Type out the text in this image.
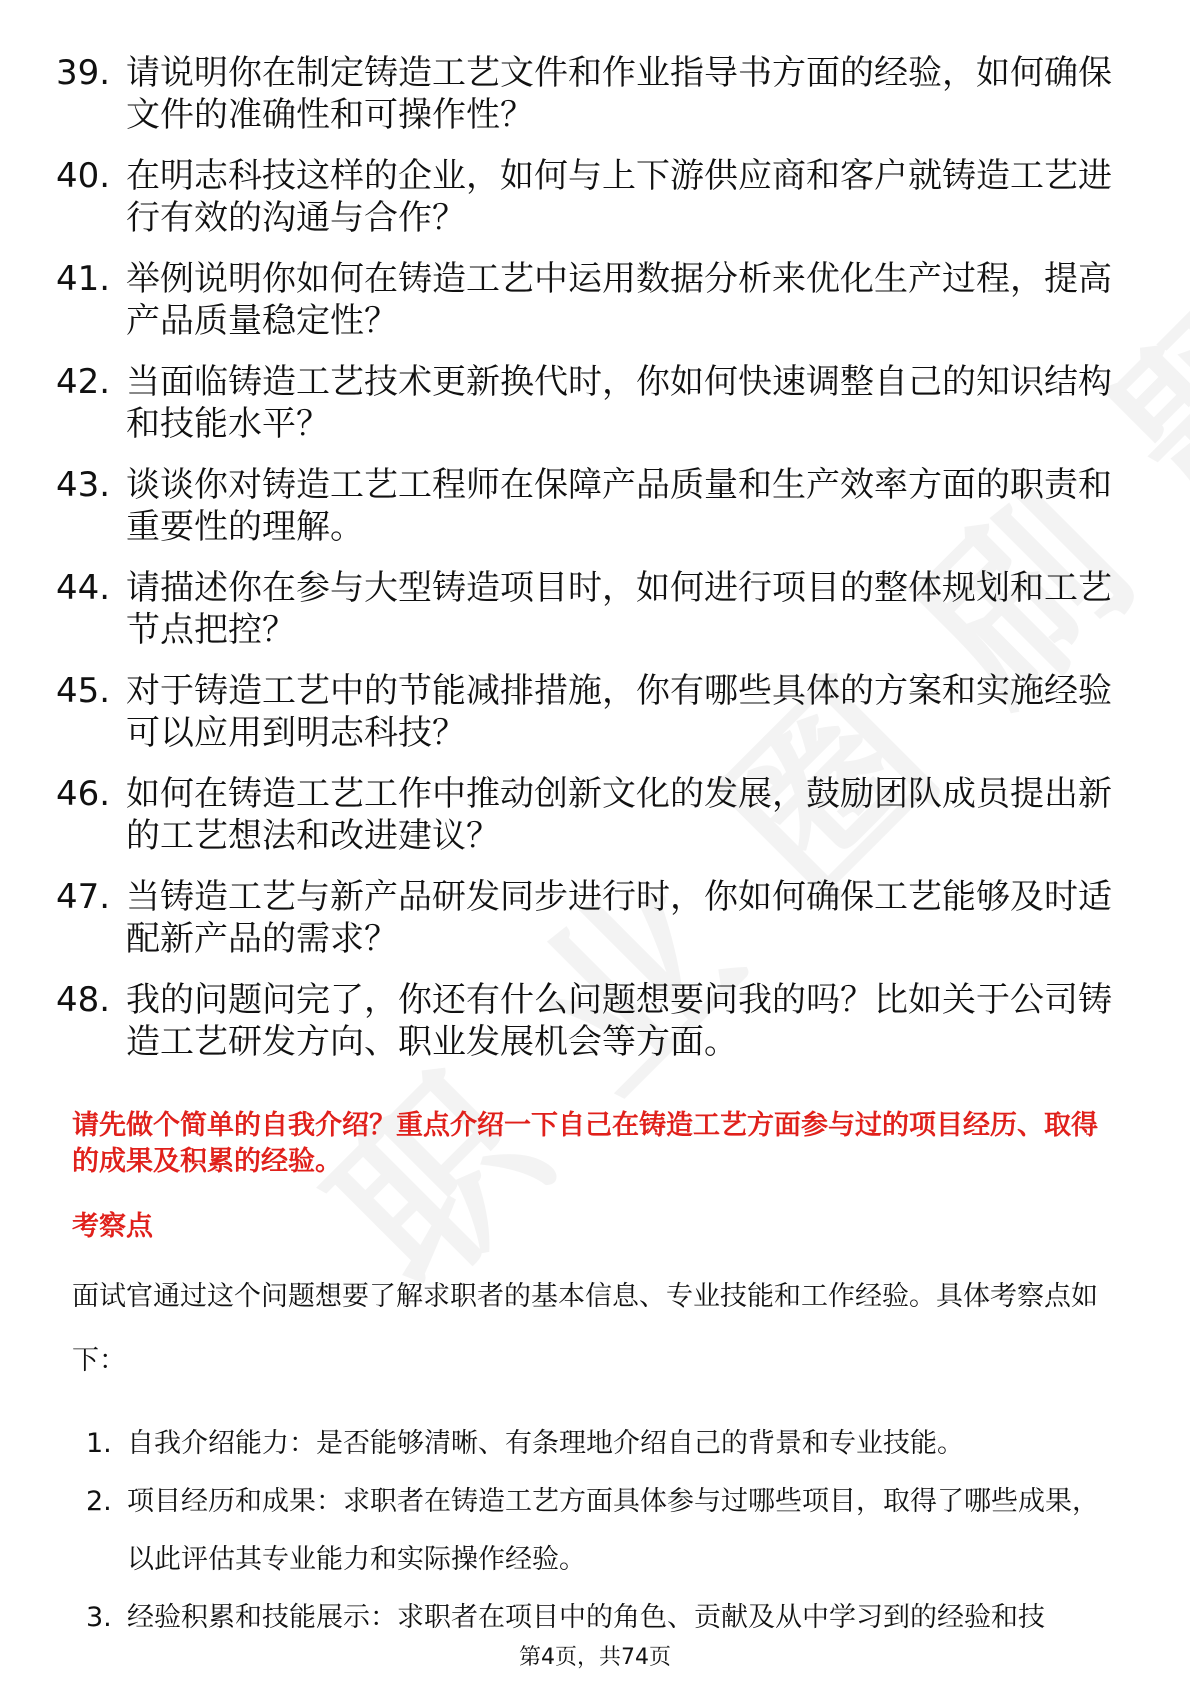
39. 请说明你在制定铸造工艺文件和作业指导书方面的经验，如何确保文件的准确性和可操作性？
40. 在明志科技这样的企业，如何与上下游供应商和客户就铸造工艺进行有效的沟通与合作？
41. 举例说明你如何在铸造工艺中运用数据分析来优化生产过程，提高产品质量稳定性？
42. 当面临铸造工艺技术更新换代时，你如何快速调整自己的知识结构和技能水平？
43. 谈谈你对铸造工艺工程师在保障产品质量和生产效率方面的职责和重要性的理解。
44. 请描述你在参与大型铸造项目时，如何进行项目的整体规划和工艺节点把控？
45. 对于铸造工艺中的节能减排措施，你有哪些具体的方案和实施经验可以应用到明志科技？
46. 如何在铸造工艺工作中推动创新文化的发展，鼓励团队成员提出新的工艺想法和改进建议？
47. 当铸造工艺与新产品研发同步进行时，你如何确保工艺能够及时适配新产品的需求？
48. 我的问题问完了，你还有什么问题想要问我的吗？比如关于公司铸造工艺研发方向、职业发展机会等方面。

请先做个简单的自我介绍？重点介绍一下自己在铸造工艺方面参与过的项目经历、取得的成果及积累的经验。

考察点

面试官通过这个问题想要了解求职者的基本信息、专业技能和工作经验。具体考察点如下：

1. 自我介绍能力：是否能够清晰、有条理地介绍自己的背景和专业技能。
2. 项目经历和成果：求职者在铸造工艺方面具体参与过哪些项目，取得了哪些成果，以此评估其专业能力和实际操作经验。
3. 经验积累和技能展示：求职者在项目中的角色、贡献及从中学习到的经验和技

第4页，共74页
